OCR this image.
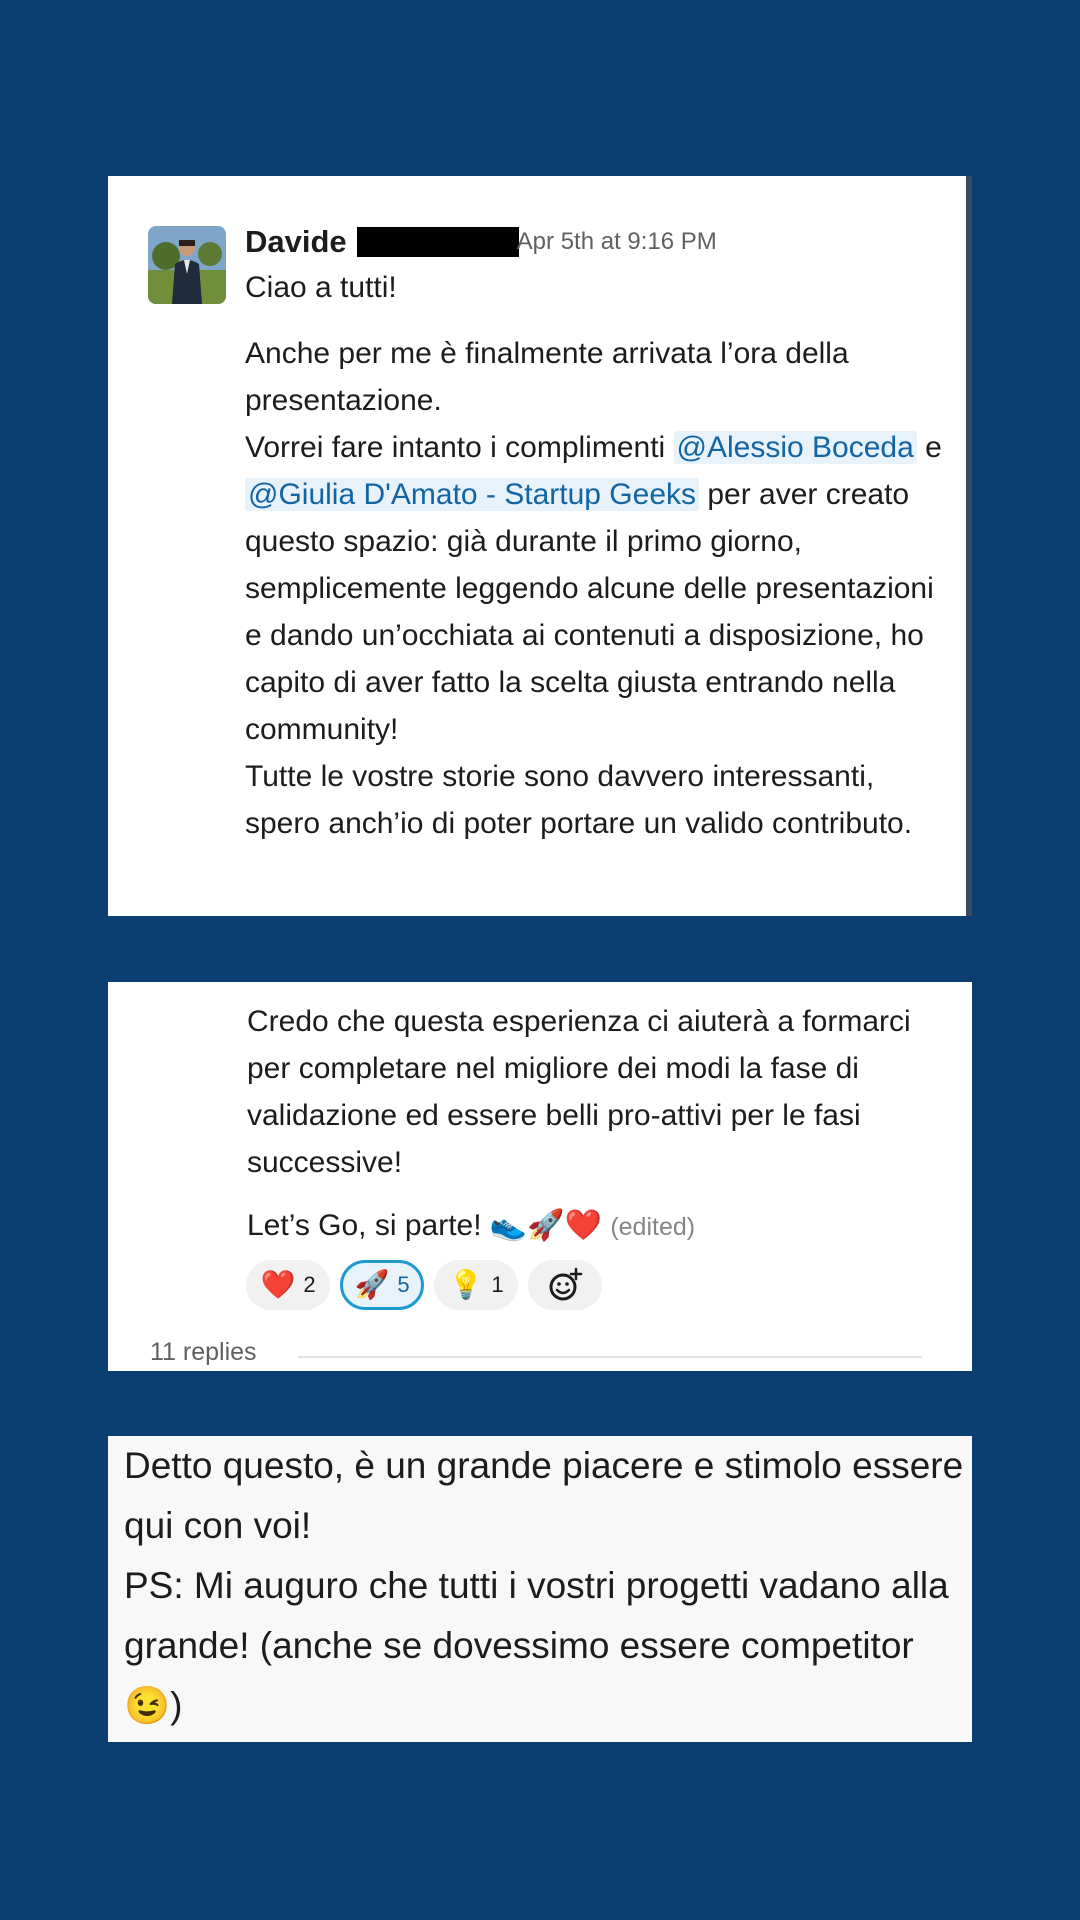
Davide	Apr 5th at 9:16 PM

Ciao a tutti!

Anche per me è finalmente arrivata l’ora della presentazione.

Vorrei fare intanto i complimenti @Alessio Boceda e @Giulia D'Amato - Startup Geeks per aver creato questo spazio: già durante il primo giorno, semplicemente leggendo alcune delle presentazioni e dando un’occhiata ai contenuti a disposizione, ho capito di aver fatto la scelta giusta entrando nella community!

Tutte le vostre storie sono davvero interessanti, spero anch’io di poter portare un valido contributo.

Credo che questa esperienza ci aiuterà a formarci per completare nel migliore dei modi la fase di validazione ed essere belli pro-attivi per le fasi successive!

Let’s Go, si parte! 👟🚀❤️ (edited)

❤️ 2 🚀 5 💡 1
11 replies

Detto questo, è un grande piacere e stimolo essere qui con voi!

PS: Mi auguro che tutti i vostri progetti vadano alla grande! (anche se dovessimo essere competitor 😉)
